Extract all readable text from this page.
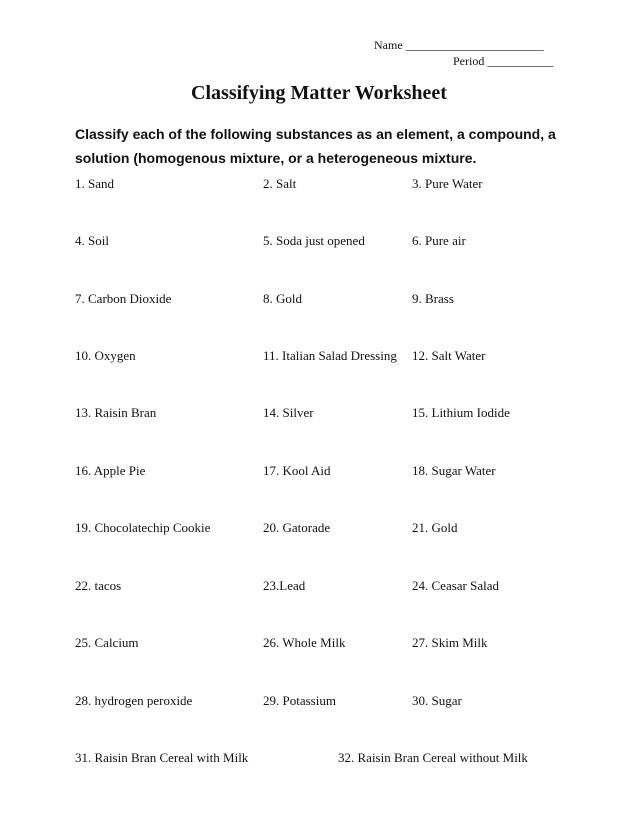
Name _______________________
Period ___________
Classifying Matter Worksheet
Classify each of the following substances as an element, a compound, a solution (homogenous mixture, or a heterogeneous mixture.
1. Sand	2. Salt	3. Pure Water
4. Soil	5. Soda just opened	6. Pure air
7. Carbon Dioxide	8. Gold	9. Brass
10. Oxygen	11. Italian Salad Dressing 12. Salt Water
13. Raisin Bran	14. Silver	15. Lithium Iodide
16. Apple Pie	17. Kool Aid	18. Sugar Water
19. Chocolatechip Cookie	20. Gatorade	21. Gold
22. tacos	23.Lead	24. Ceasar Salad
25. Calcium	26. Whole Milk	27. Skim Milk
28. hydrogen peroxide	29. Potassium	30. Sugar
31. Raisin Bran Cereal with Milk	32. Raisin Bran Cereal without Milk
